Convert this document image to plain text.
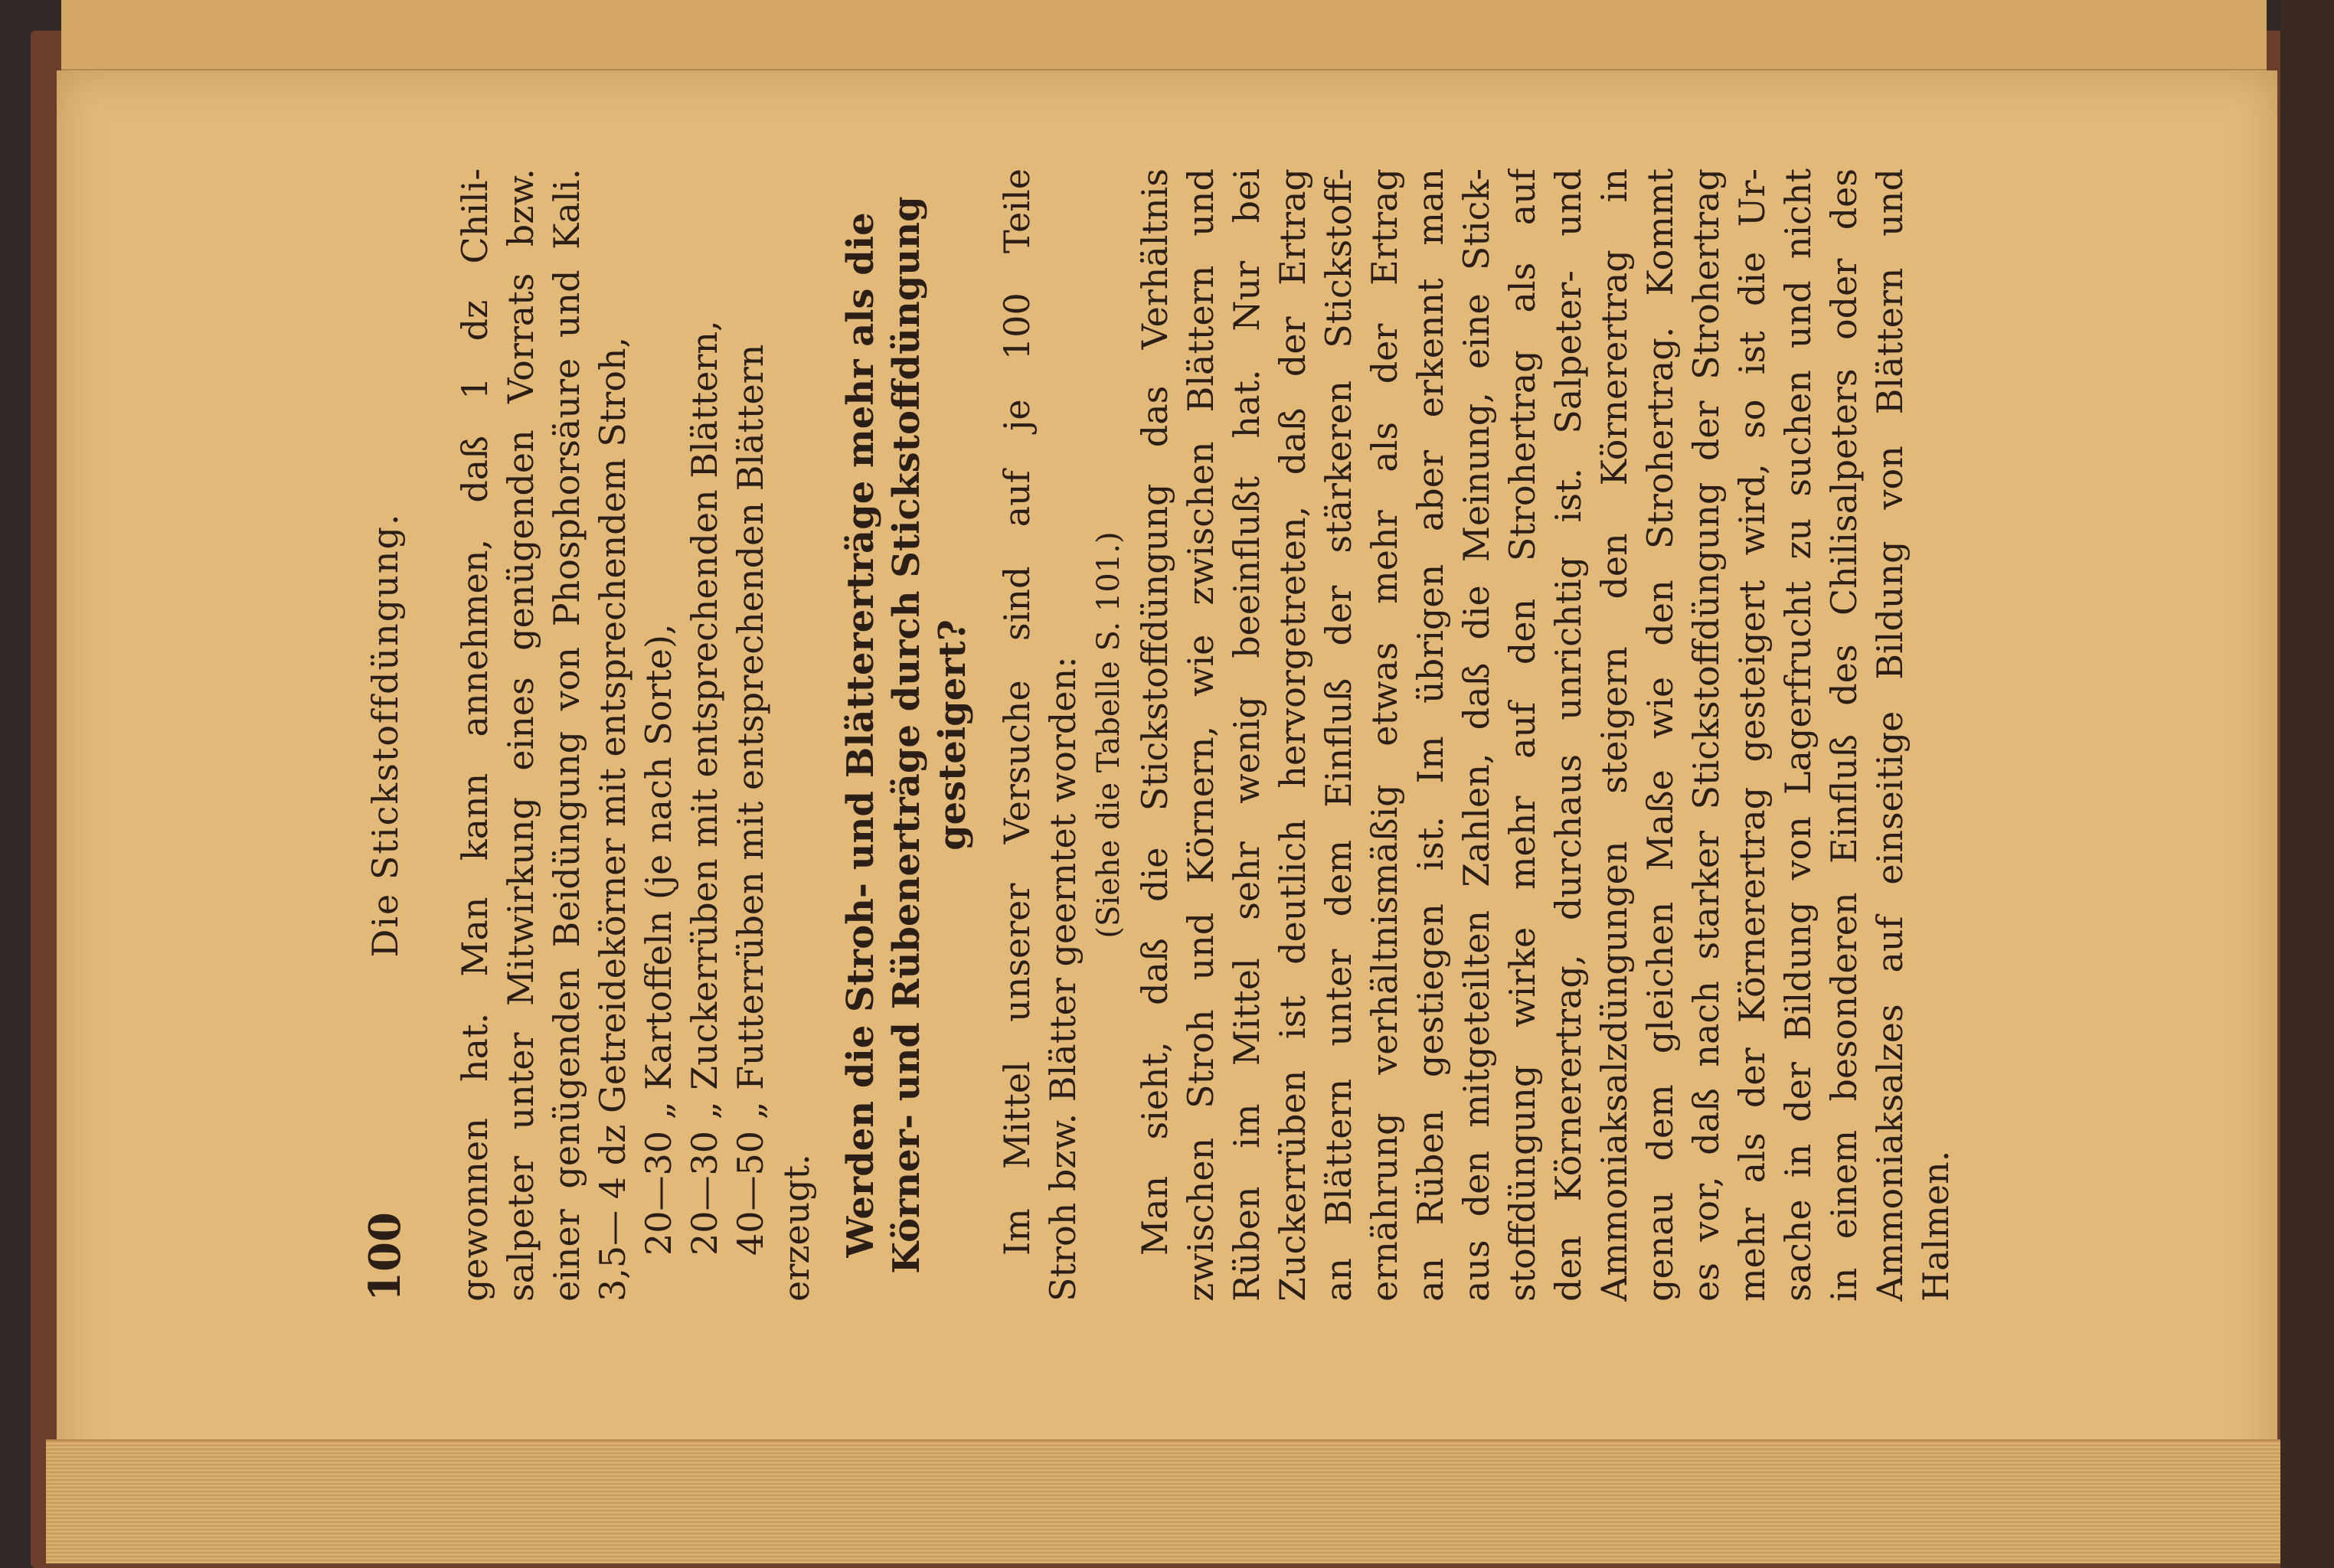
100
Die Stickstoffdüngung. gewonnen hat. Man kann annehmen, daß 1 dz Chili- salpeter unter Mitwirkung eines genügenden Vorrats bzw. einer genügenden Beidüngung von Phosphorsäure und Kali. 3,5— 4 dz Getreidekörner mit entsprechendem Stroh, 20—30 „ Kartoffeln (je nach Sorte), 20—30 „ Zuckerrüben mit entsprechenden Blättern, 40—50 „ Futterrüben mit entsprechenden Blättern erzeugt. Werden die Stroh- und Blättererträge mehr als die Körner- und Rübenerträge durch Stickstoffdüngung gesteigert? Im Mittel unserer Versuche sind auf je 100 Teile Stroh bzw. Blätter geerntet worden: (Siehe die Tabelle S. 101.) Man sieht, daß die Stickstoffdüngung das Verhältnis zwischen Stroh und Körnern, wie zwischen Blättern und Rüben im Mittel sehr wenig beeinflußt hat. Nur bei Zuckerrüben ist deutlich hervorgetreten, daß der Ertrag an Blättern unter dem Einfluß der stärkeren Stickstoff- ernährung verhältnismäßig etwas mehr als der Ertrag an Rüben gestiegen ist. Im übrigen aber erkennt man aus den mitgeteilten Zahlen, daß die Meinung, eine Stick- stoffdüngung wirke mehr auf den Strohertrag als auf den Körnerertrag, durchaus unrichtig ist. Salpeter- und Ammoniaksalzdüngungen steigern den Körnerertrag in genau dem gleichen Maße wie den Strohertrag. Kommt es vor, daß nach starker Stickstoffdüngung der Strohertrag mehr als der Körnerertrag gesteigert wird, so ist die Ur- sache in der Bildung von Lagerfrucht zu suchen und nicht in einem besonderen Einfluß des Chilisalpeters oder des Ammoniaksalzes auf einseitige Bildung von Blättern und Halmen.
